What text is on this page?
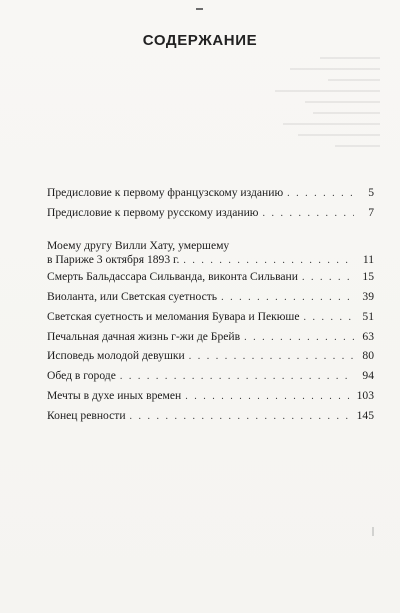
СОДЕРЖАНИЕ
Предисловие к первому французскому изданию . . .	5
Предисловие к первому русскому изданию . . .	7
Моему другу Вилли Хату, умершему
в Париже 3 октября 1893 г. . . .	11
Смерть Бальдассара Сильванда, виконта Сильвани . . .	15
Виоланта, или Светская суетность . . .	39
Светская суетность и меломания Бувара и Пекюше . . .	51
Печальная дачная жизнь г-жи де Брейв . . .	63
Исповедь молодой девушки . . .	80
Обед в городе . . .	94
Мечты в духе иных времен . . .	103
Конец ревности . . .	145
